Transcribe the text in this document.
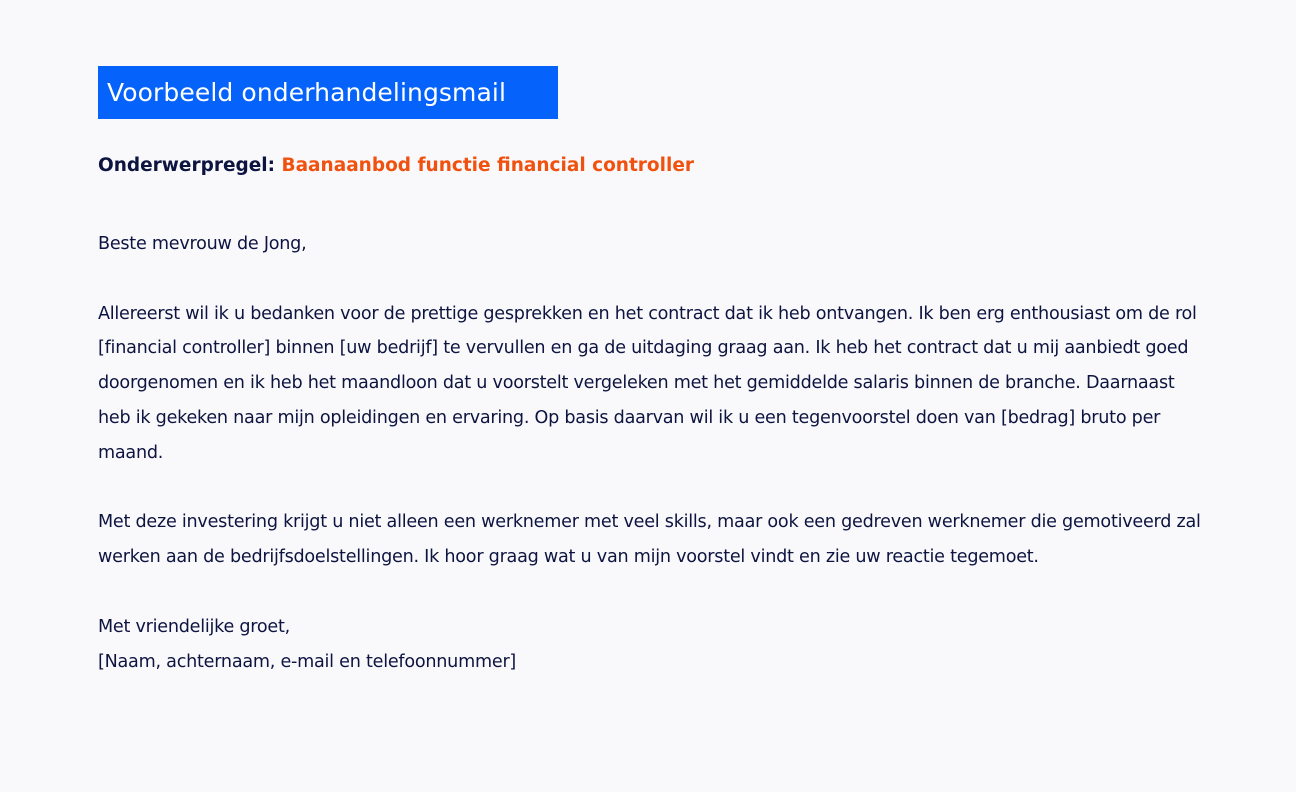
Voorbeeld onderhandelingsmail
Onderwerpregel: Baanaanbod functie financial controller

Beste mevrouw de Jong,

Allereerst wil ik u bedanken voor de prettige gesprekken en het contract dat ik heb ontvangen. Ik ben erg enthousiast om de rol [financial controller] binnen [uw bedrijf] te vervullen en ga de uitdaging graag aan. Ik heb het contract dat u mij aanbiedt goed doorgenomen en ik heb het maandloon dat u voorstelt vergeleken met het gemiddelde salaris binnen de branche. Daarnaast heb ik gekeken naar mijn opleidingen en ervaring. Op basis daarvan wil ik u een tegenvoorstel doen van [bedrag] bruto per maand.

Met deze investering krijgt u niet alleen een werknemer met veel skills, maar ook een gedreven werknemer die gemotiveerd zal werken aan de bedrijfsdoelstellingen. Ik hoor graag wat u van mijn voorstel vindt en zie uw reactie tegemoet.

Met vriendelijke groet,
[Naam, achternaam, e-mail en telefoonnummer]
